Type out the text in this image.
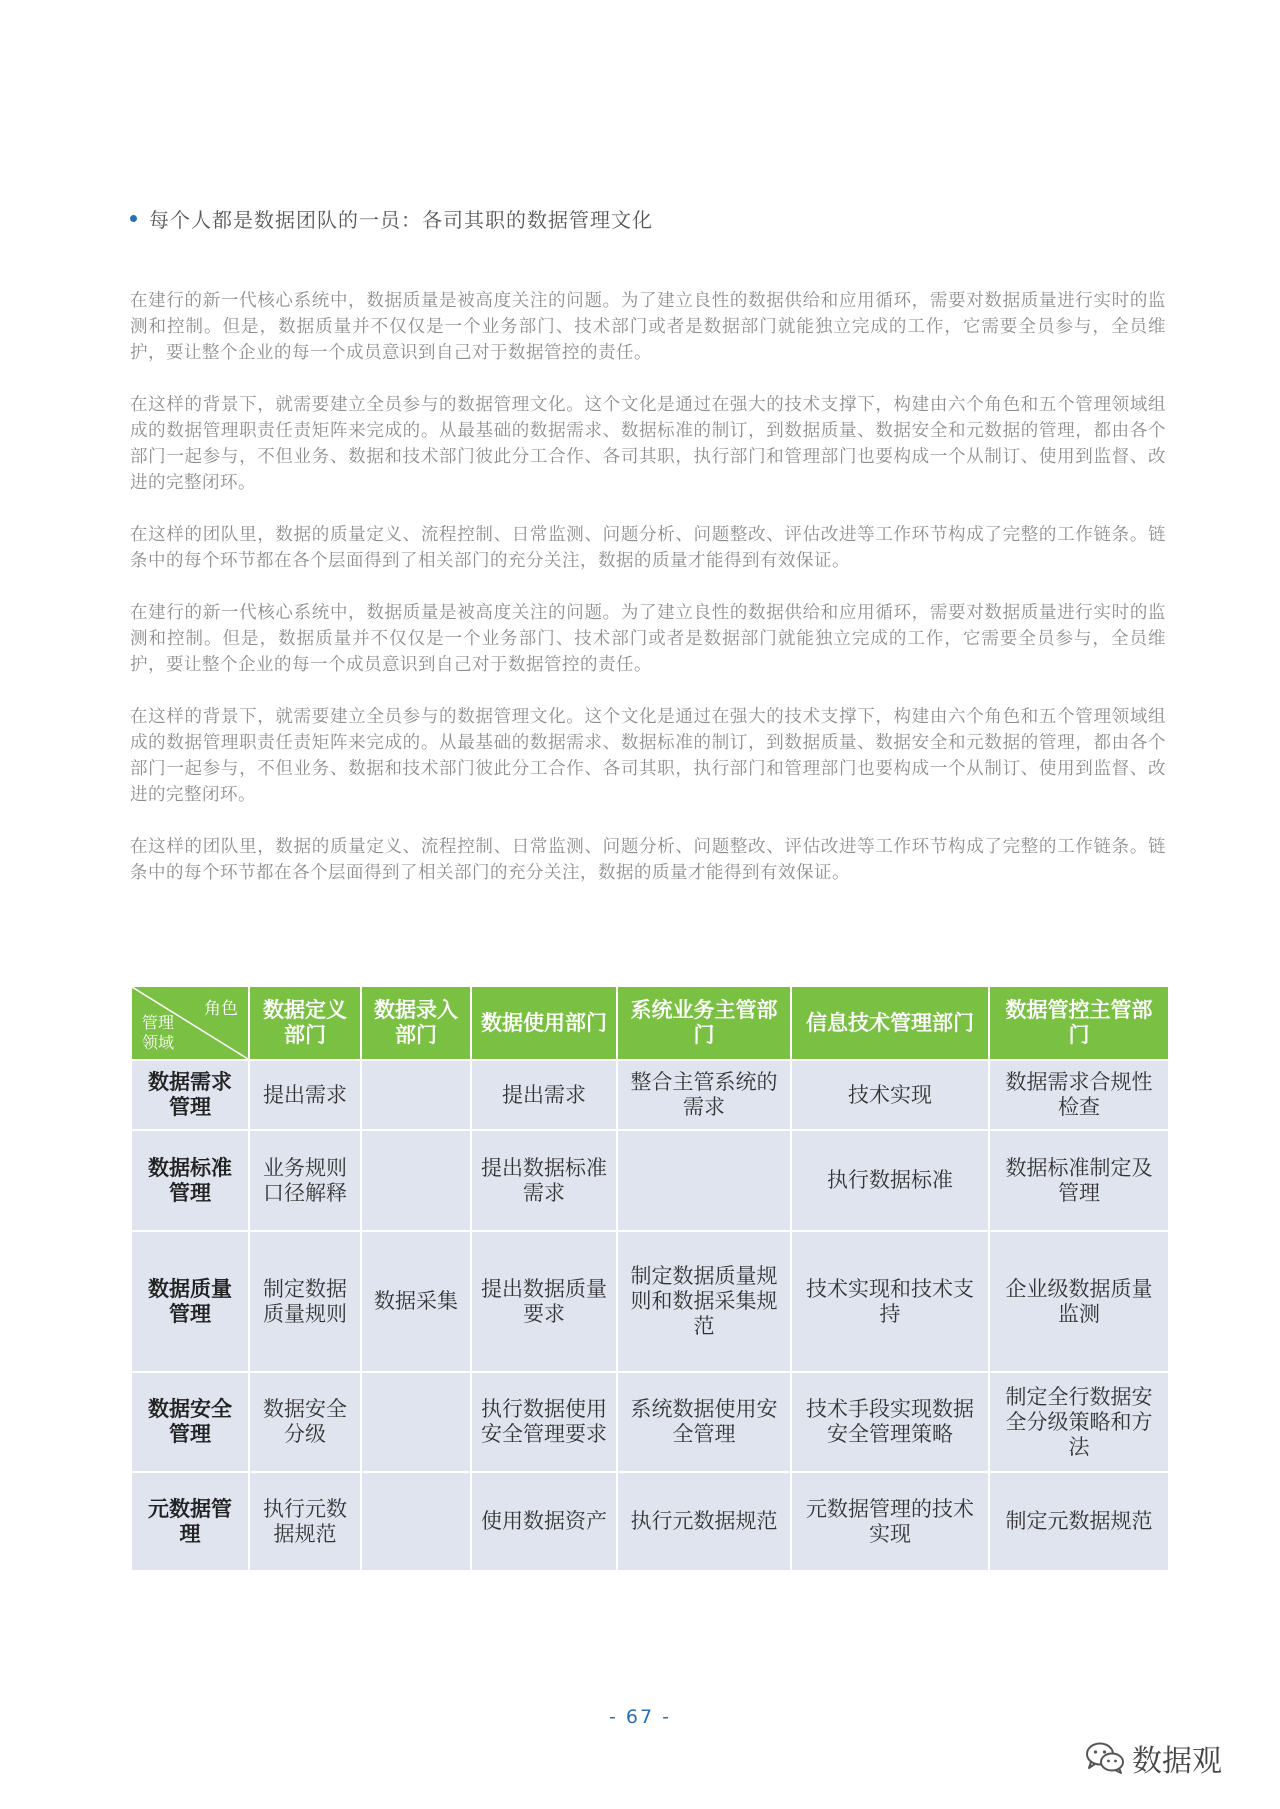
每个人都是数据团队的一员：各司其职的数据管理文化

在建行的新一代核心系统中，数据质量是被高度关注的问题。为了建立良性的数据供给和应用循环，需要对数据质量进行实时的监测和控制。但是，数据质量并不仅仅是一个业务部门、技术部门或者是数据部门就能独立完成的工作，它需要全员参与，全员维护，要让整个企业的每一个成员意识到自己对于数据管控的责任。

在这样的背景下，就需要建立全员参与的数据管理文化。这个文化是通过在强大的技术支撑下，构建由六个角色和五个管理领域组成的数据管理职责任责矩阵来完成的。从最基础的数据需求、数据标准的制订，到数据质量、数据安全和元数据的管理，都由各个部门一起参与，不但业务、数据和技术部门彼此分工合作、各司其职，执行部门和管理部门也要构成一个从制订、使用到监督、改进的完整闭环。

在这样的团队里，数据的质量定义、流程控制、日常监测、问题分析、问题整改、评估改进等工作环节构成了完整的工作链条。链条中的每个环节都在各个层面得到了相关部门的充分关注，数据的质量才能得到有效保证。

在建行的新一代核心系统中，数据质量是被高度关注的问题。为了建立良性的数据供给和应用循环，需要对数据质量进行实时的监测和控制。但是，数据质量并不仅仅是一个业务部门、技术部门或者是数据部门就能独立完成的工作，它需要全员参与，全员维护，要让整个企业的每一个成员意识到自己对于数据管控的责任。

在这样的背景下，就需要建立全员参与的数据管理文化。这个文化是通过在强大的技术支撑下，构建由六个角色和五个管理领域组成的数据管理职责任责矩阵来完成的。从最基础的数据需求、数据标准的制订，到数据质量、数据安全和元数据的管理，都由各个部门一起参与，不但业务、数据和技术部门彼此分工合作、各司其职，执行部门和管理部门也要构成一个从制订、使用到监督、改进的完整闭环。

在这样的团队里，数据的质量定义、流程控制、日常监测、问题分析、问题整改、评估改进等工作环节构成了完整的工作链条。链条中的每个环节都在各个层面得到了相关部门的充分关注，数据的质量才能得到有效保证。

角色
管理领域	数据定义部门	数据录入部门	数据使用部门	系统业务主管部门	信息技术管理部门	数据管控主管部门
数据需求管理	提出需求		提出需求	整合主管系统的需求	技术实现	数据需求合规性检查
数据标准管理	业务规则口径解释		提出数据标准需求		执行数据标准	数据标准制定及管理
数据质量管理	制定数据质量规则	数据采集	提出数据质量要求	制定数据质量规则和数据采集规范	技术实现和技术支持	企业级数据质量监测
数据安全管理	数据安全分级		执行数据使用安全管理要求	系统数据使用安全管理	技术手段实现数据安全管理策略	制定全行数据安全分级策略和方法
元数据管理	执行元数据规范		使用数据资产	执行元数据规范	元数据管理的技术实现	制定元数据规范
- 67 -
数据观
